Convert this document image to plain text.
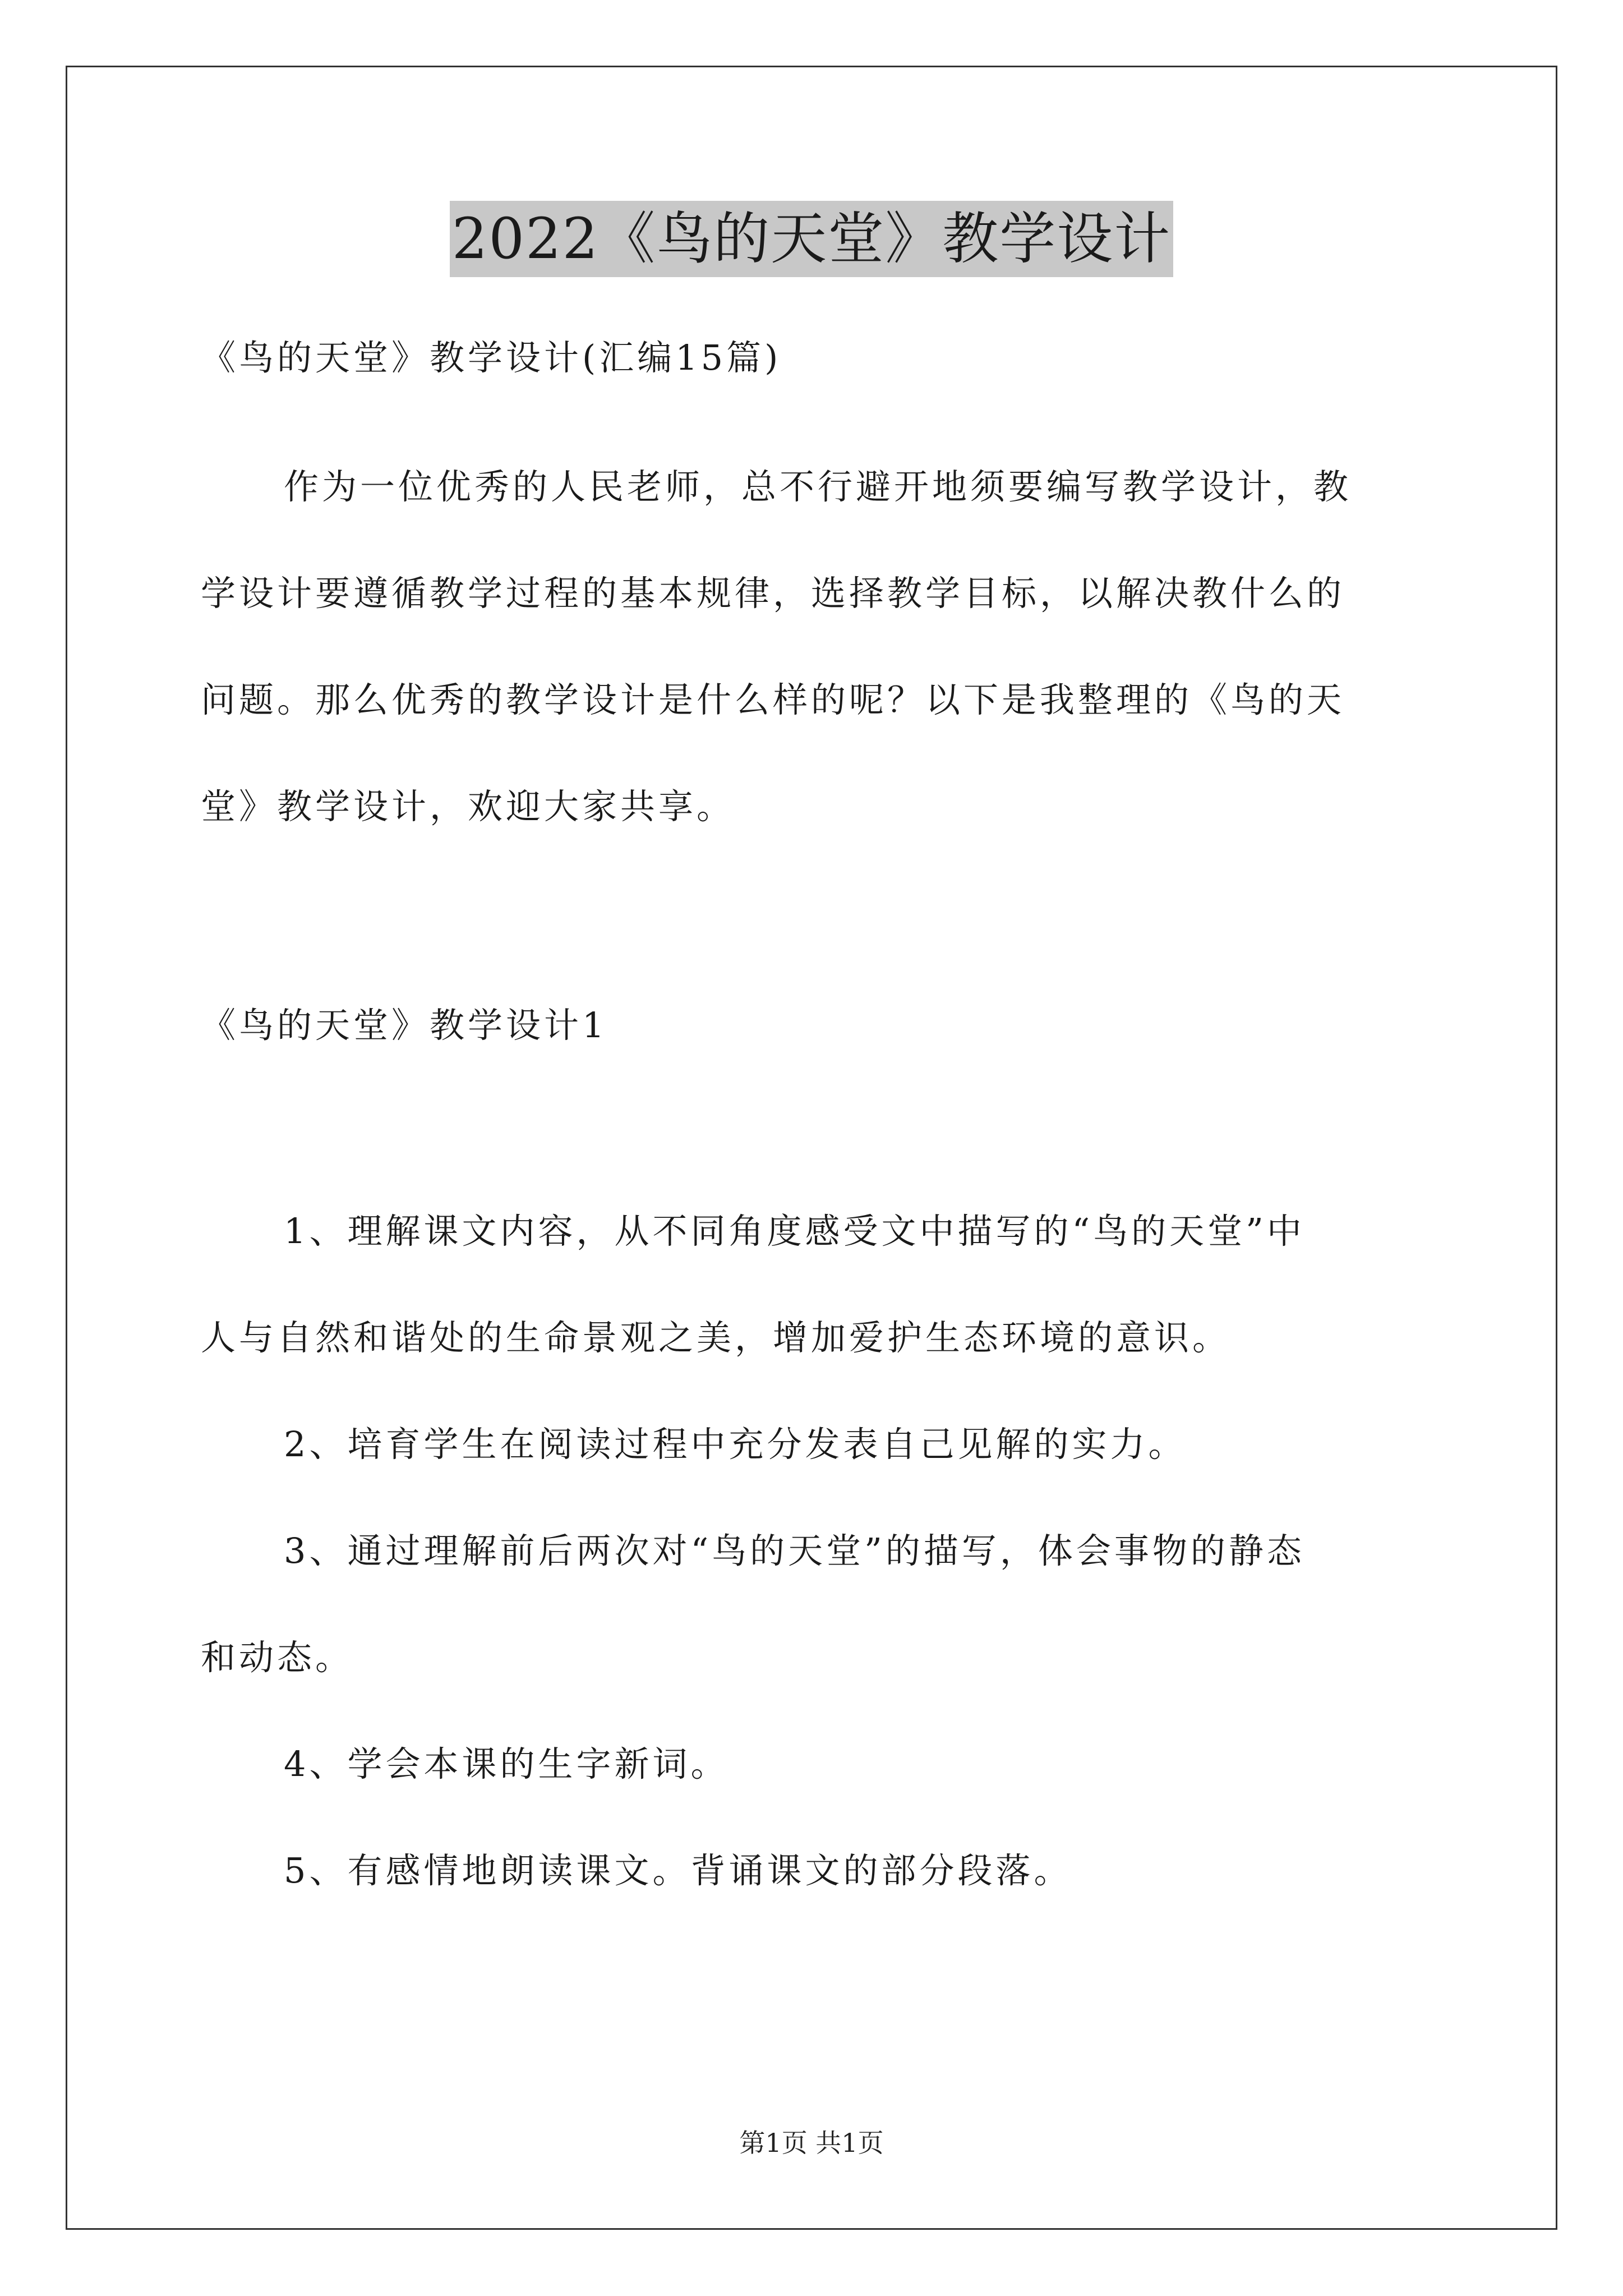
2022《鸟的天堂》教学设计
《鸟的天堂》教学设计(汇编15篇)
作为一位优秀的人民老师，总不行避开地须要编写教学设计，教
学设计要遵循教学过程的基本规律，选择教学目标，以解决教什么的
问题。那么优秀的教学设计是什么样的呢？以下是我整理的《鸟的天
堂》教学设计，欢迎大家共享。
《鸟的天堂》教学设计1
1、理解课文内容，从不同角度感受文中描写的“鸟的天堂”中
人与自然和谐处的生命景观之美，增加爱护生态环境的意识。
2、培育学生在阅读过程中充分发表自己见解的实力。
3、通过理解前后两次对“鸟的天堂”的描写，体会事物的静态
和动态。
4、学会本课的生字新词。
5、有感情地朗读课文。背诵课文的部分段落。
第1页 共1页
